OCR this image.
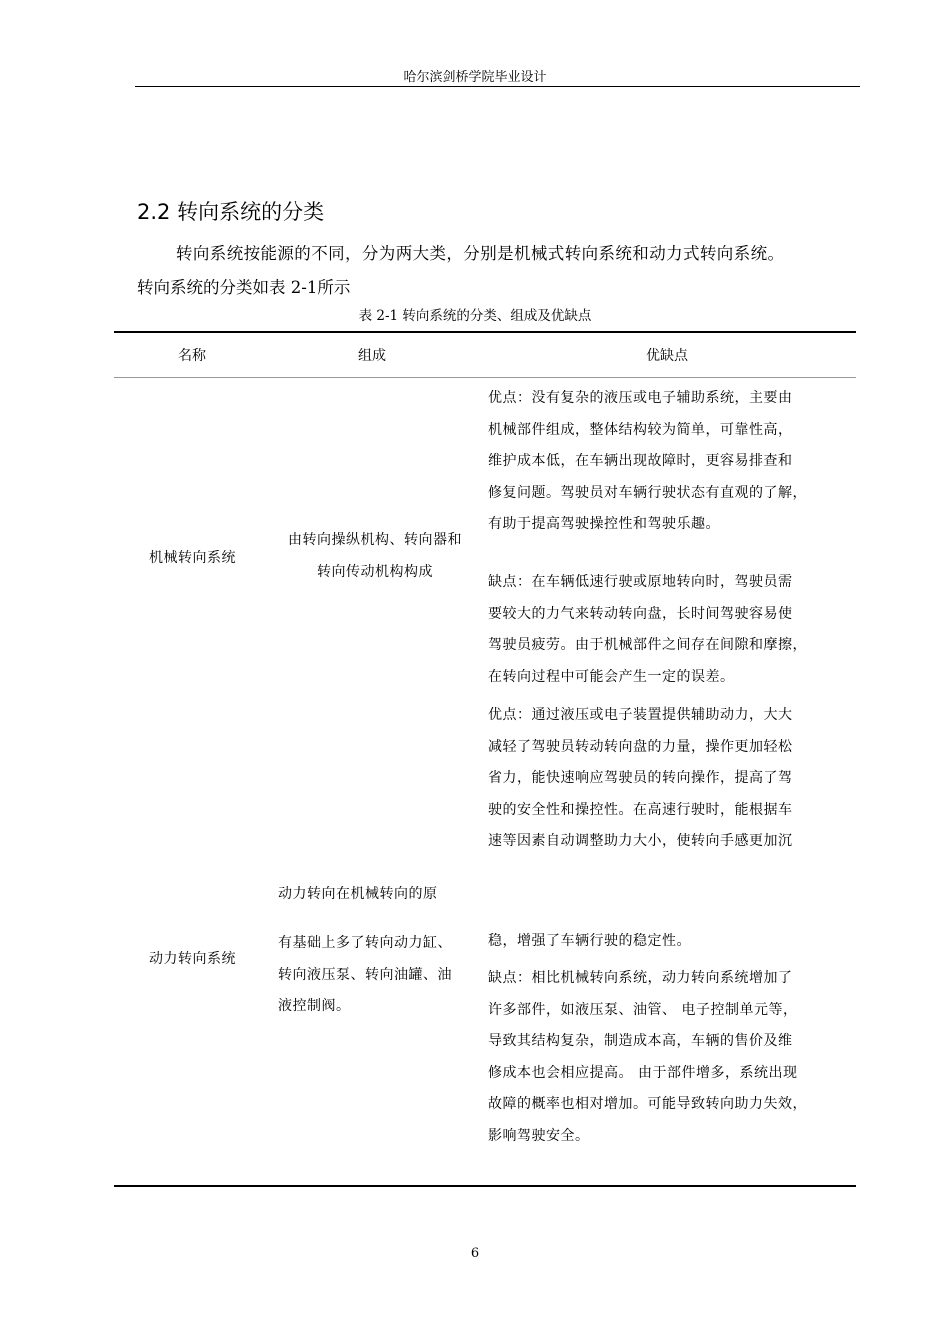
哈尔滨剑桥学院毕业设计
2.2 转向系统的分类
转向系统按能源的不同，分为两大类，分别是机械式转向系统和动力式转向系统。
转向系统的分类如表 2-1所示
表 2-1 转向系统的分类、组成及优缺点
名称	组成	优缺点
机械转向系统
由转向操纵机构、转向器和
转向传动机构构成
优点：没有复杂的液压或电子辅助系统，主要由
机械部件组成，整体结构较为简单，可靠性高，
维护成本低，在车辆出现故障时，更容易排查和
修复问题。驾驶员对车辆行驶状态有直观的了解，
有助于提高驾驶操控性和驾驶乐趣。
缺点：在车辆低速行驶或原地转向时，驾驶员需
要较大的力气来转动转向盘，长时间驾驶容易使
驾驶员疲劳。由于机械部件之间存在间隙和摩擦，
在转向过程中可能会产生一定的误差。
动力转向系统
动力转向在机械转向的原
有基础上多了转向动力缸、
转向液压泵、转向油罐、油
液控制阀。
优点：通过液压或电子装置提供辅助动力，大大
减轻了驾驶员转动转向盘的力量，操作更加轻松
省力，能快速响应驾驶员的转向操作，提高了驾
驶的安全性和操控性。在高速行驶时，能根据车
速等因素自动调整助力大小，使转向手感更加沉
稳，增强了车辆行驶的稳定性。
缺点：相比机械转向系统，动力转向系统增加了
许多部件，如液压泵、油管、 电子控制单元等，
导致其结构复杂，制造成本高，车辆的售价及维
修成本也会相应提高。 由于部件增多，系统出现
故障的概率也相对增加。可能导致转向助力失效，
影响驾驶安全。
6
